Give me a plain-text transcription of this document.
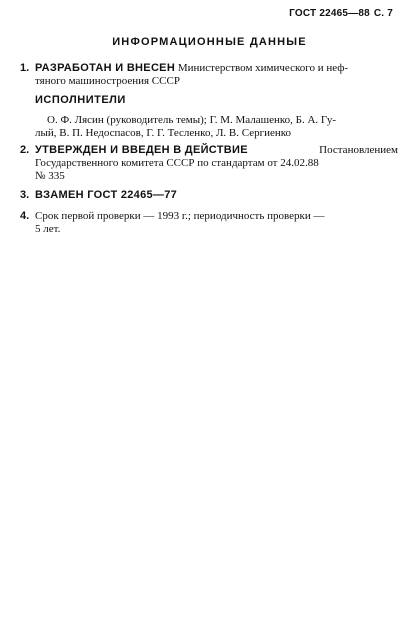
ГОСТ 22465—88 С. 7
ИНФОРМАЦИОННЫЕ ДАННЫЕ
1. РАЗРАБОТАН И ВНЕСЕН Министерством химического и неф-
тяного машиностроения СССР
ИСПОЛНИТЕЛИ
О. Ф. Лясин (руководитель темы); Г. М. Малашенко, Б. А. Гу-
лый, В. П. Недоспасов, Г. Г. Тесленко, Л. В. Сергиенко
2. УТВЕРЖДЕН И ВВЕДЕН В ДЕЙСТВИЕ	Постановлением
Государственного комитета СССР по стандартам от 24.02.88
№ 335
3. ВЗАМЕН ГОСТ 22465—77
4. Срок первой проверки — 1993 г.; периодичность проверки —
5 лет.
